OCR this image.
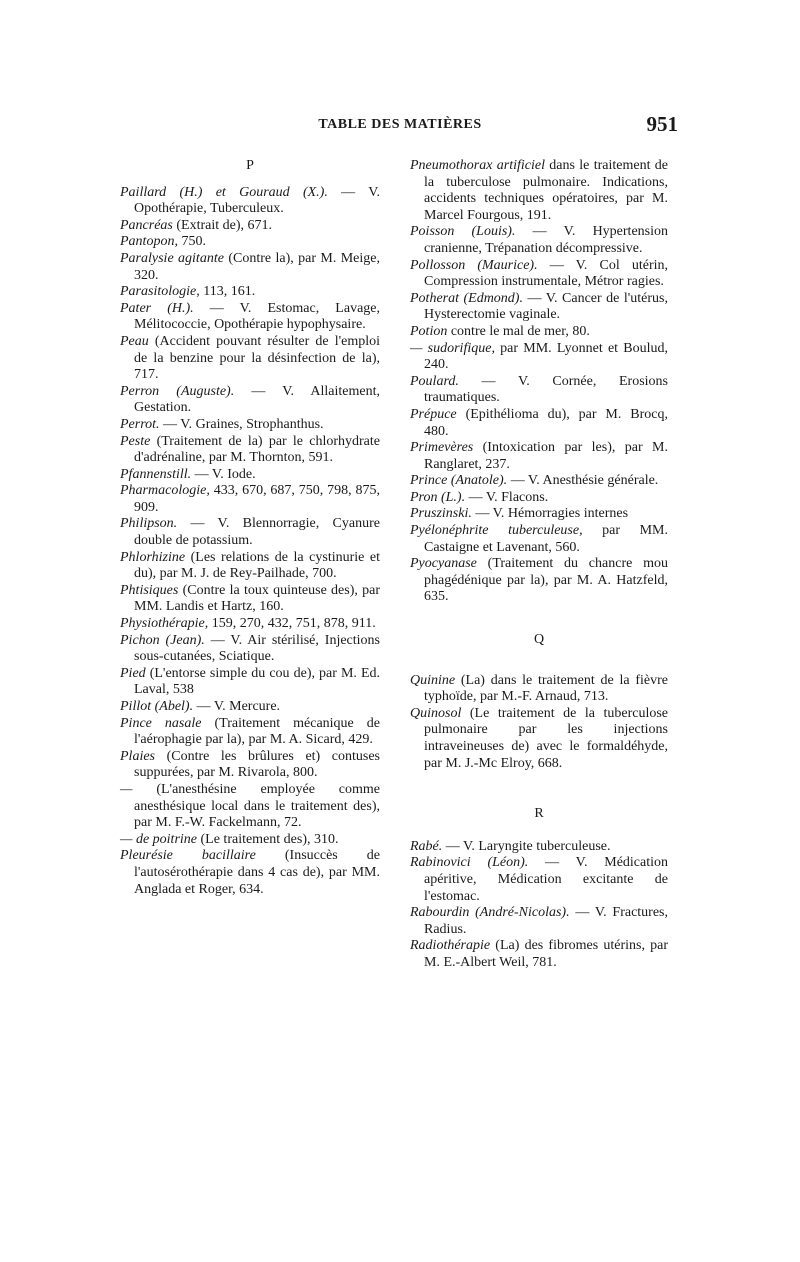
TABLE DES MATIÈRES	951

P

Paillard (H.) et Gouraud (X.). — V. Opothérapie, Tuberculeux.

Pancréas (Extrait de), 671.

Pantopon, 750.

Paralysie agitante (Contre la), par M. Meige, 320.

Parasitologie, 113, 161.

Pater (H.). — V. Estomac, Lavage, Mélitococcie, Opothérapie hypophysaire.

Peau (Accident pouvant résulter de l'emploi de la benzine pour la désinfection de la), 717.

Perron (Auguste). — V. Allaitement, Gestation.

Perrot. — V. Graines, Strophanthus.

Peste (Traitement de la) par le chlorhydrate d'adrénaline, par M. Thornton, 591.

Pfannenstill. — V. Iode.

Pharmacologie, 433, 670, 687, 750, 798, 875, 909.

Philipson. — V. Blennorragie, Cyanure double de potassium.

Phlorhizine (Les relations de la cystinurie et du), par M. J. de Rey-Pailhade, 700.

Phtisiques (Contre la toux quinteuse des), par MM. Landis et Hartz, 160.

Physiothérapie, 159, 270, 432, 751, 878, 911.

Pichon (Jean). — V. Air stérilisé, Injections sous-cutanées, Sciatique.

Pied (L'entorse simple du cou de), par M. Ed. Laval, 538

Pillot (Abel). — V. Mercure.

Pince nasale (Traitement mécanique de l'aérophagie par la), par M. A. Sicard, 429.

Plaies (Contre les brûlures et) contuses suppurées, par M. Rivarola, 800.

— (L'anesthésine employée comme anesthésique local dans le traitement des), par M. F.-W. Fackelmann, 72.

— de poitrine (Le traitement des), 310.

Pleurésie bacillaire (Insuccès de l'autosérothérapie dans 4 cas de), par MM. Anglada et Roger, 634.

Pneumothorax artificiel dans le traitement de la tuberculose pulmonaire. Indications, accidents techniques opératoires, par M. Marcel Fourgous, 191.

Poisson (Louis). — V. Hypertension cranienne, Trépanation décompressive.

Pollosson (Maurice). — V. Col utérin, Compression instrumentale, Métror ragies.

Potherat (Edmond). — V. Cancer de l'utérus, Hysterectomie vaginale.

Potion contre le mal de mer, 80.

— sudorifique, par MM. Lyonnet et Boulud, 240.

Poulard. — V. Cornée, Erosions traumatiques.

Prépuce (Epithélioma du), par M. Brocq, 480.

Primevères (Intoxication par les), par M. Ranglaret, 237.

Prince (Anatole). — V. Anesthésie générale.

Pron (L.). — V. Flacons.

Pruszinski. — V. Hémorragies internes

Pyélonéphrite tuberculeuse, par MM. Castaigne et Lavenant, 560.

Pyocyanase (Traitement du chancre mou phagédénique par la), par M. A. Hatzfeld, 635.

Q

Quinine (La) dans le traitement de la fièvre typhoïde, par M.-F. Arnaud, 713.

Quinosol (Le traitement de la tuberculose pulmonaire par les injections intraveineuses de) avec le formaldéhyde, par M. J.-Mc Elroy, 668.

R

Rabé. — V. Laryngite tuberculeuse.

Rabinovici (Léon). — V. Médication apéritive, Médication excitante de l'estomac.

Rabourdin (André-Nicolas). — V. Fractures, Radius.

Radiothérapie (La) des fibromes utérins, par M. E.-Albert Weil, 781.
